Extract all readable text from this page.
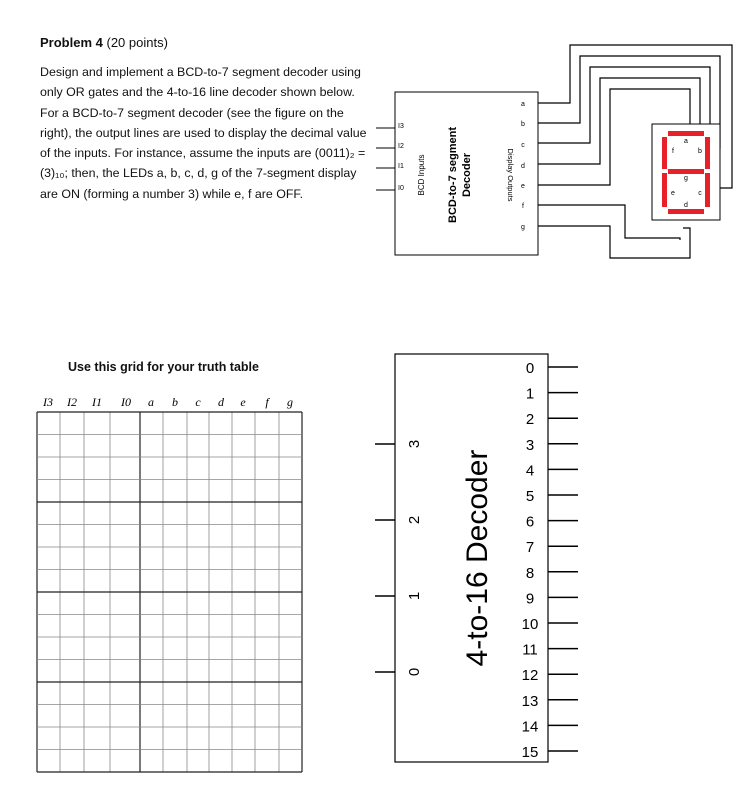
Problem 4 (20 points)

Design and implement a BCD-to-7 segment decoder using only OR gates and the 4-to-16 line decoder shown below. For a BCD-to-7 segment decoder (see the figure on the right), the output lines are used to display the decimal value of the inputs. For instance, assume the inputs are (0011)₂ = (3)₁₀; then, the LEDs a, b, c, d, g of the 7-segment display are ON (forming a number 3) while e, f are OFF.

Use this grid for your truth table
I3
I2
I1
I0 BCD Inputs BCD-to-7 segment Decoder	Display Outputs
a
b
c
d
e
f
g
a
b
c
d
e
f
g
I3 I2 I1 I0 a b c d e f g
3
2
1
0
4-to-16 Decoder
0
1
2
3
4
5
6
7
8
9
10
11
12
13
14
15
